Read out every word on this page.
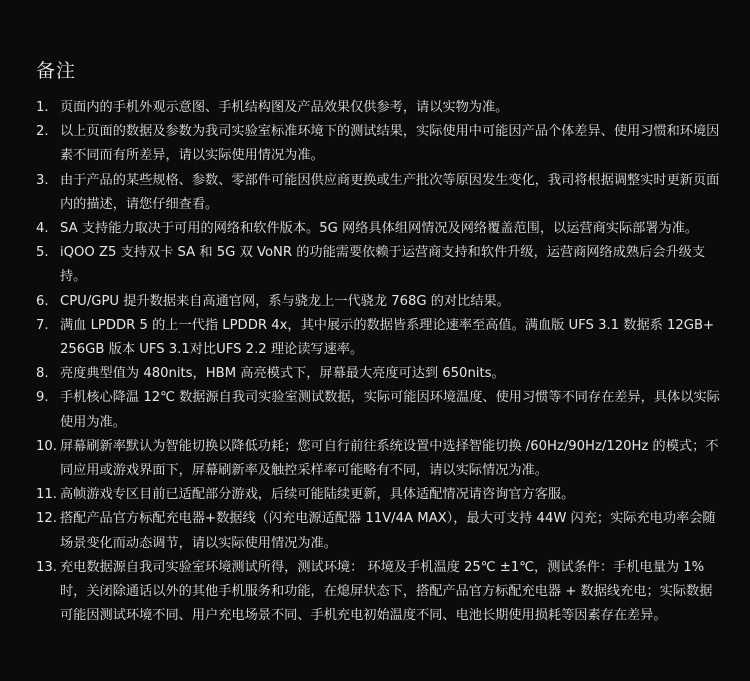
备注
1. 页面内的手机外观示意图、手机结构图及产品效果仅供参考，请以实物为准。
2. 以上页面的数据及参数为我司实验室标准环境下的测试结果，实际使用中可能因产品个体差异、使用习惯和环境因素不同而有所差异，请以实际使用情况为准。
3. 由于产品的某些规格、参数、零部件可能因供应商更换或生产批次等原因发生变化，我司将根据调整实时更新页面内的描述，请您仔细查看。
4. SA 支持能力取决于可用的网络和软件版本。5G 网络具体组网情况及网络覆盖范围，以运营商实际部署为准。
5. iQOO Z5 支持双卡 SA 和 5G 双 VoNR 的功能需要依赖于运营商支持和软件升级，运营商网络成熟后会升级支持。
6. CPU/GPU 提升数据来自高通官网，系与骁龙上一代骁龙 768G 的对比结果。
7. 满血 LPDDR 5 的上一代指 LPDDR 4x，其中展示的数据皆系理论速率至高值。满血版 UFS 3.1 数据系 12GB+256GB 版本 UFS 3.1对比UFS 2.2 理论读写速率。
8. 亮度典型值为 480nits，HBM 高亮模式下，屏幕最大亮度可达到 650nits。
9. 手机核心降温 12℃ 数据源自我司实验室测试数据，实际可能因环境温度、使用习惯等不同存在差异，具体以实际使用为准。
10. 屏幕刷新率默认为智能切换以降低功耗；您可自行前往系统设置中选择智能切换 /60Hz/90Hz/120Hz 的模式；不同应用或游戏界面下，屏幕刷新率及触控采样率可能略有不同，请以实际情况为准。
11. 高帧游戏专区目前已适配部分游戏，后续可能陆续更新，具体适配情况请咨询官方客服。
12. 搭配产品官方标配充电器+数据线（闪充电源适配器 11V/4A MAX），最大可支持 44W 闪充；实际充电功率会随场景变化而动态调节，请以实际使用情况为准。
13. 充电数据源自我司实验室环境测试所得，测试环境： 环境及手机温度 25℃ ±1℃，测试条件：手机电量为 1% 时，关闭除通话以外的其他手机服务和功能，在熄屏状态下，搭配产品官方标配充电器 + 数据线充电；实际数据可能因测试环境不同、用户充电场景不同、手机充电初始温度不同、电池长期使用损耗等因素存在差异。
